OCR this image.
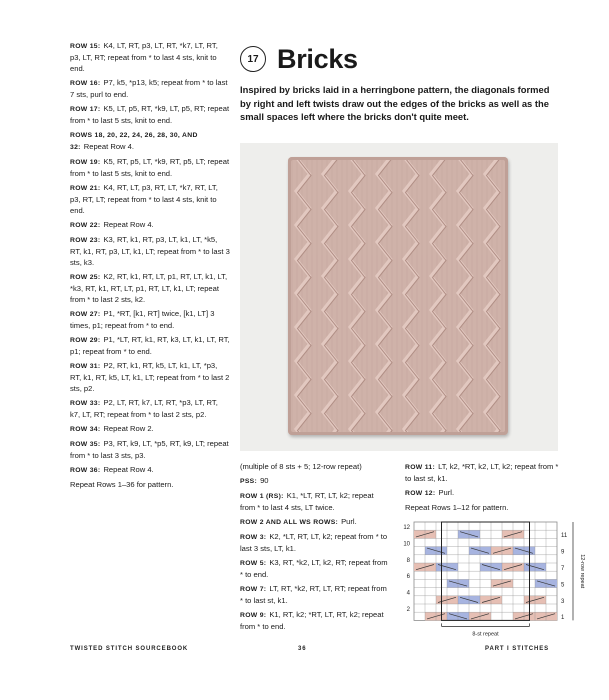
ROW 15: K4, LT, RT, p3, LT, RT, *k7, LT, RT, p3, LT, RT; repeat from * to last 4 sts, knit to end.
ROW 16: P7, k5, *p13, k5; repeat from * to last 7 sts, purl to end.
ROW 17: K5, LT, p5, RT, *k9, LT, p5, RT; repeat from * to last 5 sts, knit to end.
ROWS 18, 20, 22, 24, 26, 28, 30, AND 32: Repeat Row 4.
ROW 19: K5, RT, p5, LT, *k9, RT, p5, LT; repeat from * to last 5 sts, knit to end.
ROW 21: K4, RT, LT, p3, RT, LT, *k7, RT, LT, p3, RT, LT; repeat from * to last 4 sts, knit to end.
ROW 22: Repeat Row 4.
ROW 23: K3, RT, k1, RT, p3, LT, k1, LT, *k5, RT, k1, RT, p3, LT, k1, LT; repeat from * to last 3 sts, k3.
ROW 25: K2, RT, k1, RT, LT, p1, RT, LT, k1, LT, *k3, RT, k1, RT, LT, p1, RT, LT, k1, LT; repeat from * to last 2 sts, k2.
ROW 27: P1, *RT, [k1, RT] twice, [k1, LT] 3 times, p1; repeat from * to end.
ROW 29: P1, *LT, RT, k1, RT, k3, LT, k1, LT, RT, p1; repeat from * to end.
ROW 31: P2, RT, k1, RT, k5, LT, k1, LT, *p3, RT, k1, RT, k5, LT, k1, LT; repeat from * to last 2 sts, p2.
ROW 33: P2, LT, RT, k7, LT, RT, *p3, LT, RT, k7, LT, RT; repeat from * to last 2 sts, p2.
ROW 34: Repeat Row 2.
ROW 35: P3, RT, k9, LT, *p5, RT, k9, LT; repeat from * to last 3 sts, p3.
ROW 36: Repeat Row 4.
Repeat Rows 1–36 for pattern.
17 Bricks
Inspired by bricks laid in a herringbone pattern, the diagonals formed by right and left twists draw out the edges of the bricks as well as the small spaces left where the bricks don't quite meet.
(multiple of 8 sts + 5; 12-row repeat)
PSS: 90
ROW 1 (RS): K1, *LT, RT, LT, k2; repeat from * to last 4 sts, LT twice.
ROW 2 AND ALL WS ROWS: Purl.
ROW 3: K2, *LT, RT, LT, k2; repeat from * to last 3 sts, LT, k1.
ROW 5: K3, RT, *k2, LT, k2, RT; repeat from * to end.
ROW 7: LT, RT, *k2, RT, LT, RT; repeat from * to last st, k1.
ROW 9: K1, RT, k2; *RT, LT, RT, k2; repeat from * to end.
ROW 11: LT, k2, *RT, k2, LT, k2; repeat from * to last st, k1.
ROW 12: Purl.
Repeat Rows 1–12 for pattern.
12
10
8
6
4
2
11
9
7
5
3
1
12-row repeat
8-st repeat
TWISTED STITCH SOURCEBOOK	36	PART I STITCHES
